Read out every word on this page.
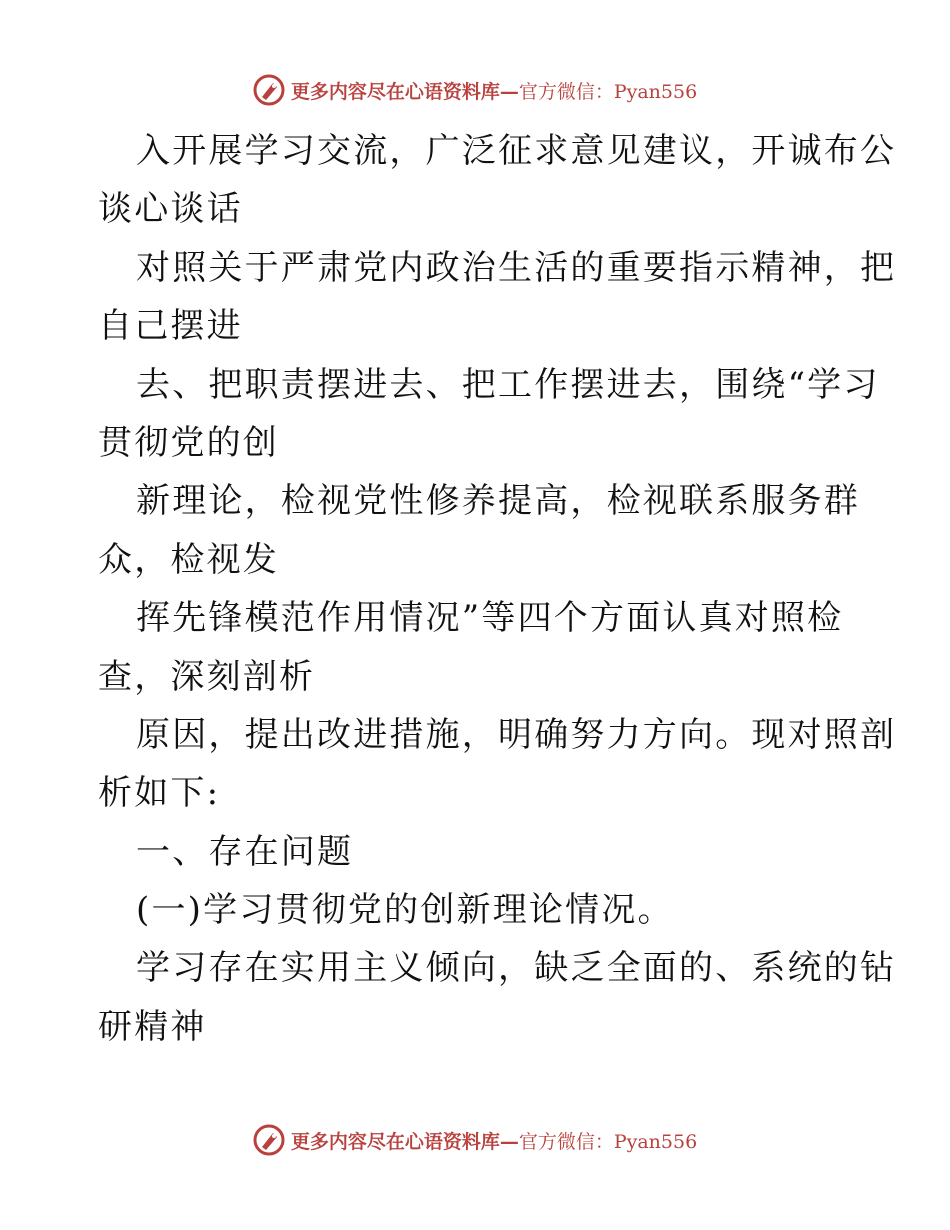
更多内容尽在心语资料库—官方微信：Pyan556
入开展学习交流，广泛征求意见建议，开诚布公
谈心谈话
对照关于严肃党内政治生活的重要指示精神，把
自己摆进
去、把职责摆进去、把工作摆进去，围绕“学习
贯彻党的创
新理论，检视党性修养提高，检视联系服务群
众，检视发
挥先锋模范作用情况”等四个方面认真对照检
查，深刻剖析
原因，提出改进措施，明确努力方向。现对照剖
析如下:
一、存在问题
(一)学习贯彻党的创新理论情况。
学习存在实用主义倾向，缺乏全面的、系统的钻
研精神
更多内容尽在心语资料库—官方微信：Pyan556
